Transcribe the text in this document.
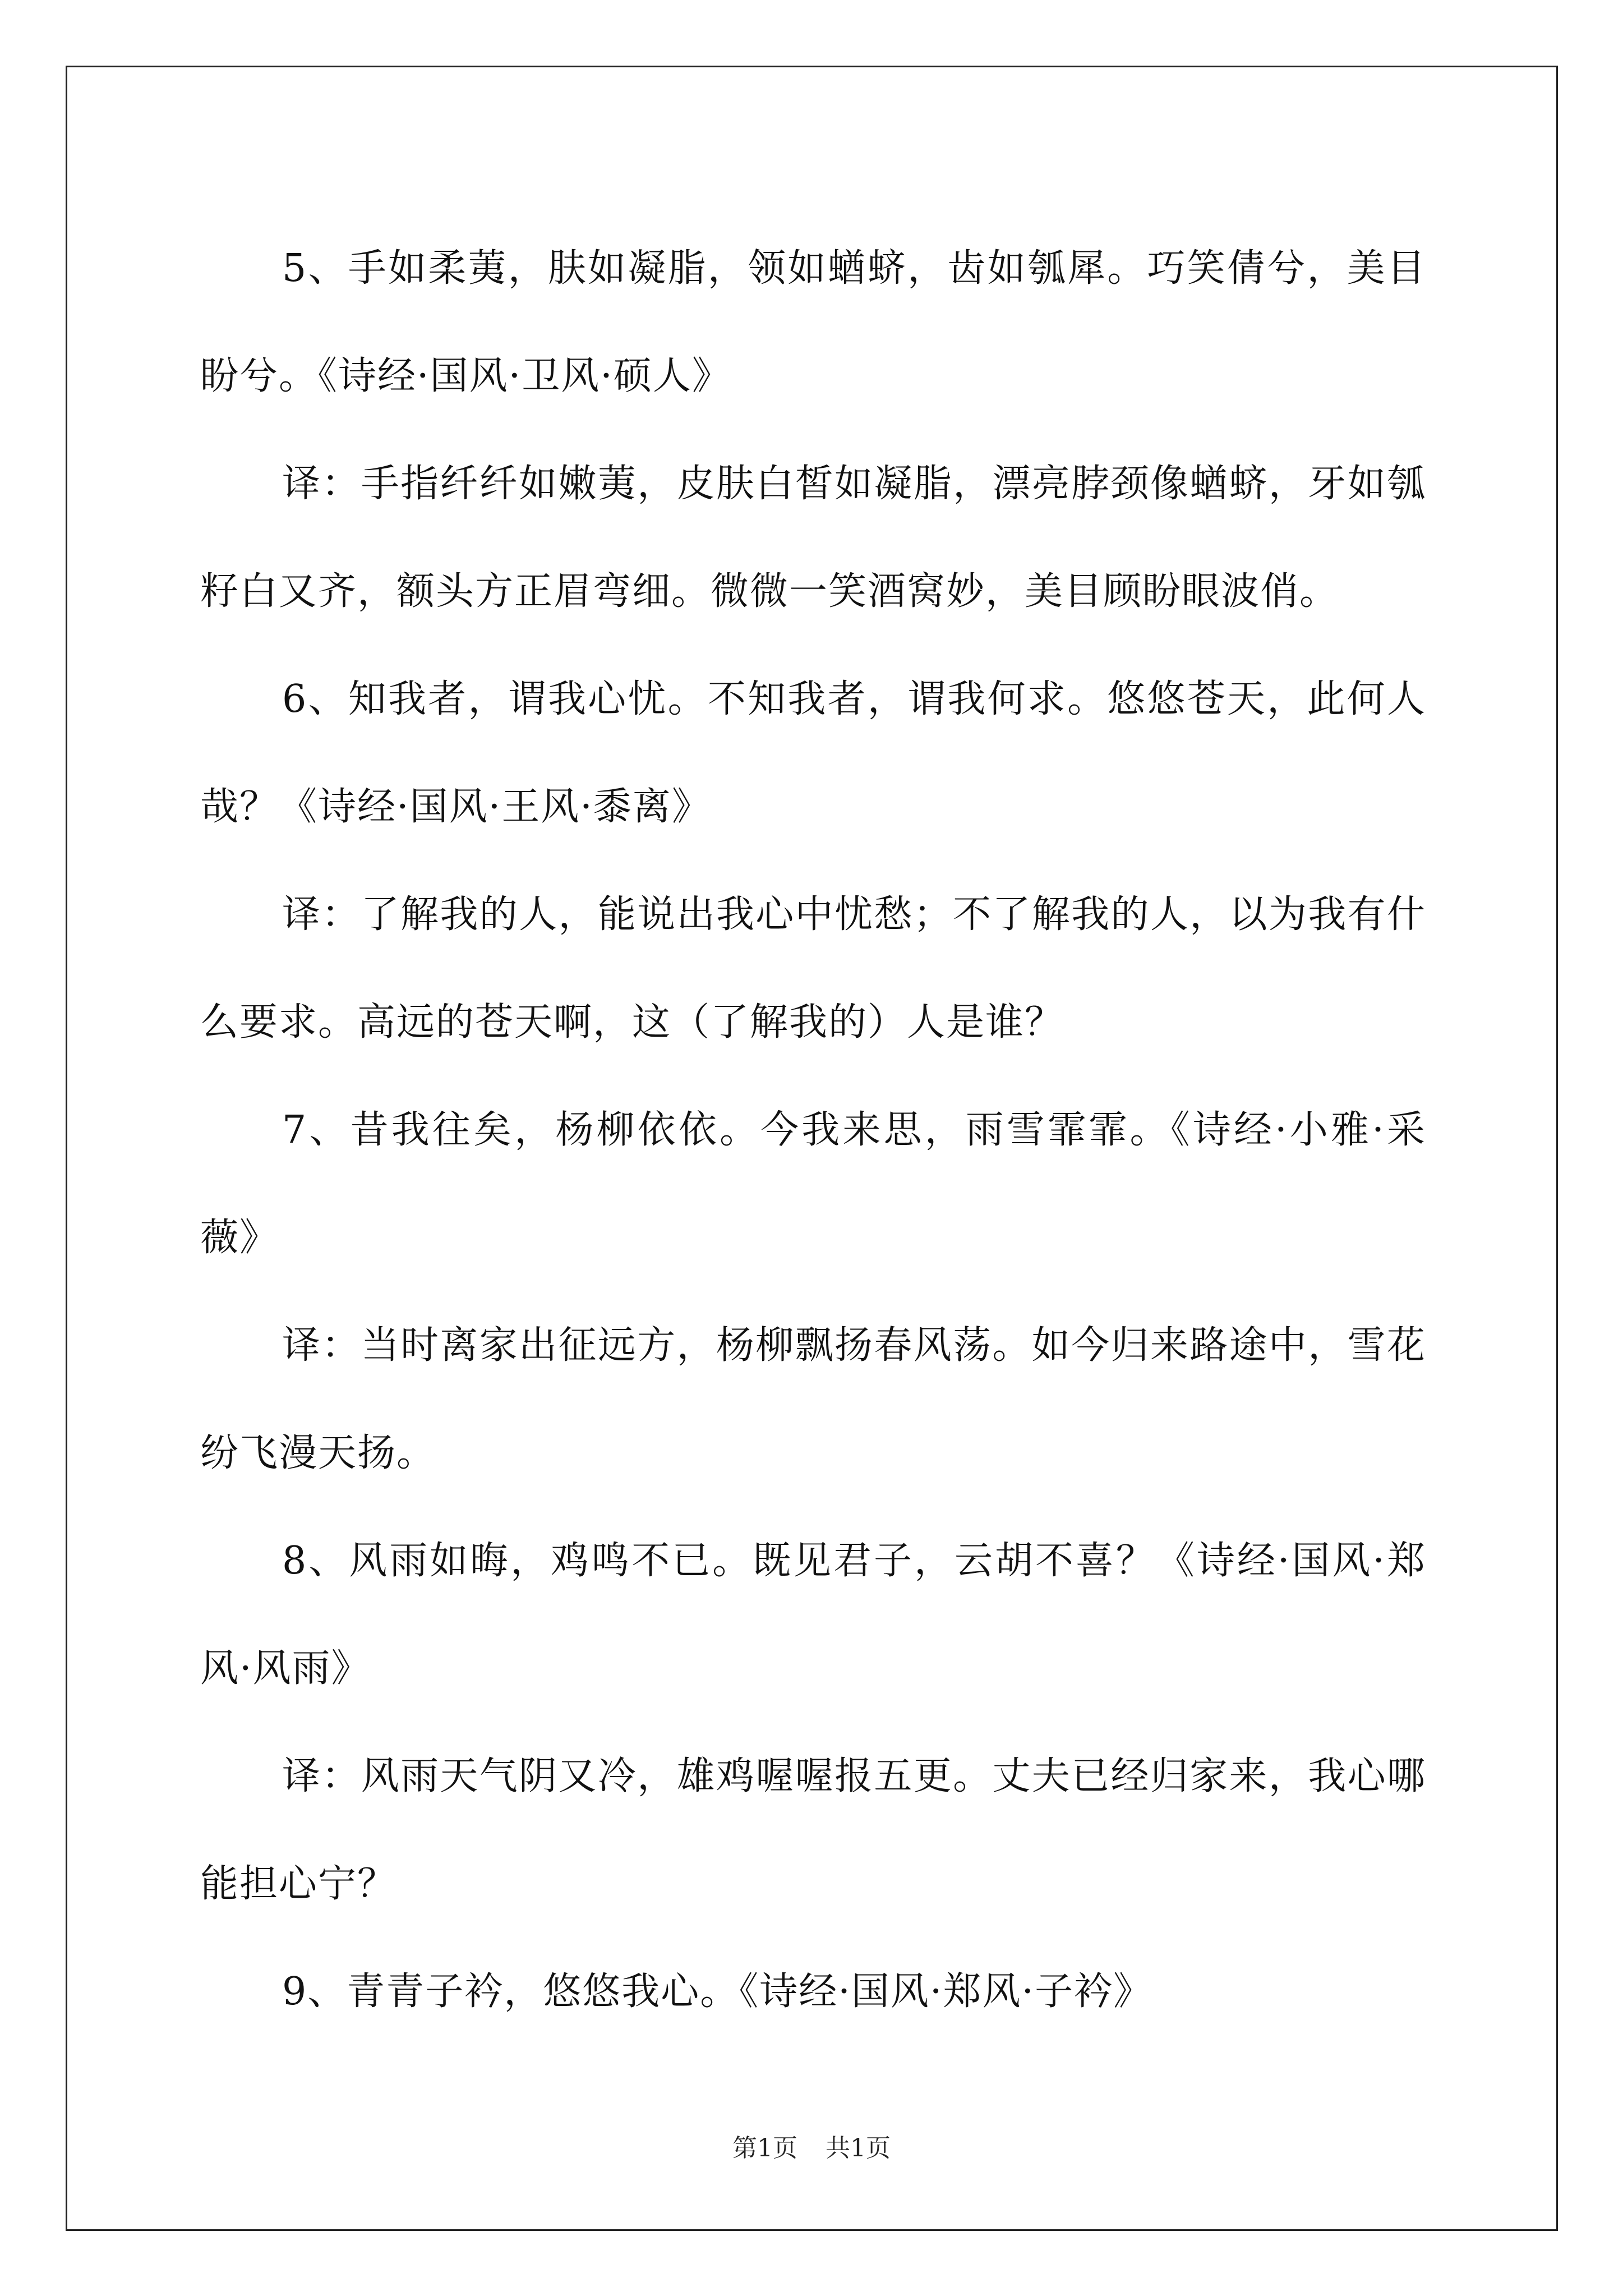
5、手如柔荑，肤如凝脂，领如蝤蛴，齿如瓠犀。巧笑倩兮，美目盼兮。《诗经·国风·卫风·硕人》

译：手指纤纤如嫩荑，皮肤白皙如凝脂，漂亮脖颈像蝤蛴，牙如瓠籽白又齐，额头方正眉弯细。微微一笑酒窝妙，美目顾盼眼波俏。

6、知我者，谓我心忧。不知我者，谓我何求。悠悠苍天，此何人哉？《诗经·国风·王风·黍离》

译：了解我的人，能说出我心中忧愁；不了解我的人，以为我有什么要求。高远的苍天啊，这（了解我的）人是谁？

7、昔我往矣，杨柳依依。今我来思，雨雪霏霏。《诗经·小雅·采薇》

译：当时离家出征远方，杨柳飘扬春风荡。如今归来路途中，雪花纷飞漫天扬。

8、风雨如晦，鸡鸣不已。既见君子，云胡不喜？《诗经·国风·郑风·风雨》

译：风雨天气阴又冷，雄鸡喔喔报五更。丈夫已经归家来，我心哪能担心宁？

9、青青子衿，悠悠我心。《诗经·国风·郑风·子衿》

第1页 共1页
